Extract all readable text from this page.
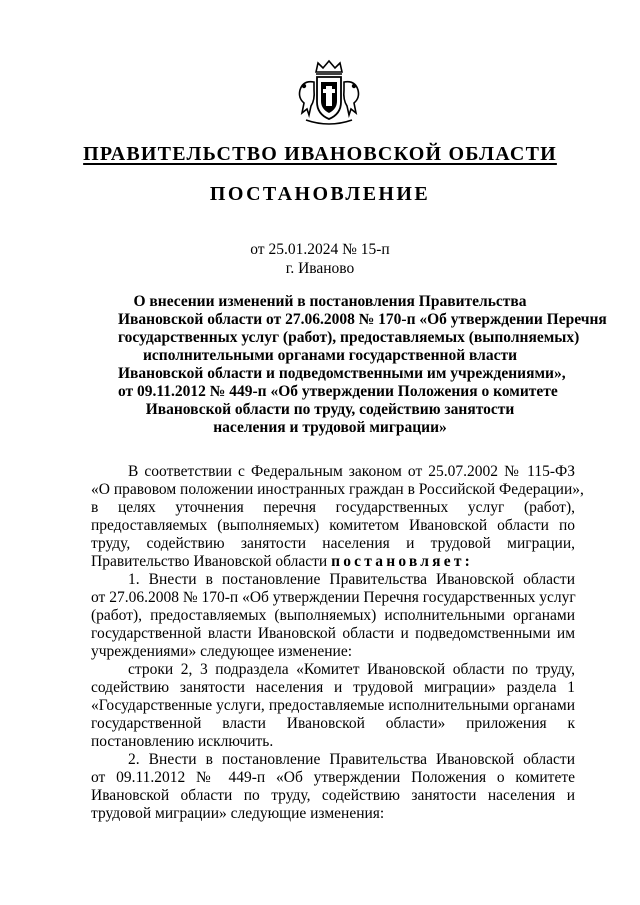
ПРАВИТЕЛЬСТВО ИВАНОВСКОЙ ОБЛАСТИ
ПОСТАНОВЛЕНИЕ
от 25.01.2024 № 15-п
г. Иваново
О внесении изменений в постановления Правительства
Ивановской области от 27.06.2008 № 170-п «Об утверждении Перечня
государственных услуг (работ), предоставляемых (выполняемых)
исполнительными органами государственной власти
Ивановской области и подведомственными им учреждениями»,
от 09.11.2012 № 449-п «Об утверждении Положения о комитете
Ивановской области по труду, содействию занятости
населения и трудовой миграции»
В соответствии с Федеральным законом от 25.07.2002 № 115-ФЗ
«О правовом положении иностранных граждан в Российской Федерации»,
в целях уточнения перечня государственных услуг (работ),
предоставляемых (выполняемых) комитетом Ивановской области по
труду, содействию занятости населения и трудовой миграции,
Правительство Ивановской области постановляет:
1. Внести в постановление Правительства Ивановской области
от 27.06.2008 № 170-п «Об утверждении Перечня государственных услуг
(работ), предоставляемых (выполняемых) исполнительными органами
государственной власти Ивановской области и подведомственными им
учреждениями» следующее изменение:
строки 2, 3 подраздела «Комитет Ивановской области по труду,
содействию занятости населения и трудовой миграции» раздела 1
«Государственные услуги, предоставляемые исполнительными органами
государственной власти Ивановской области» приложения к
постановлению исключить.
2. Внести в постановление Правительства Ивановской области
от 09.11.2012 № 449-п «Об утверждении Положения о комитете
Ивановской области по труду, содействию занятости населения и
трудовой миграции» следующие изменения:
